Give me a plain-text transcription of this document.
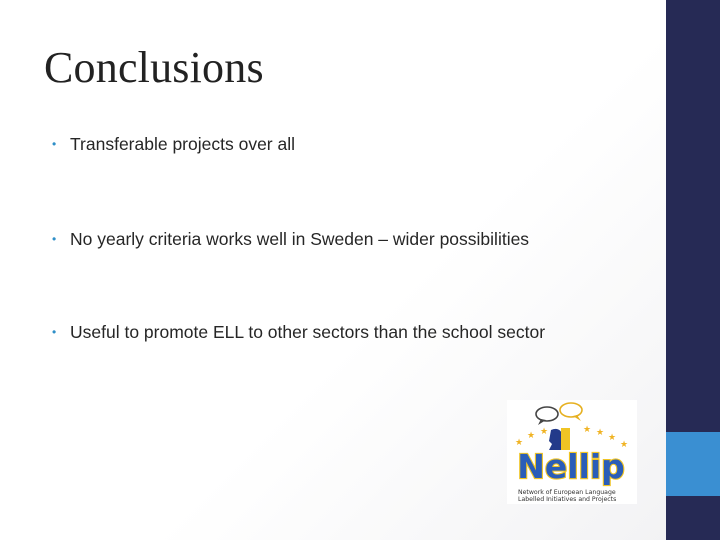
Conclusions
• Transferable projects over all
• No yearly criteria works well in Sweden – wider possibilities
• Useful to promote ELL to other sectors than the school sector
★
★ ★	★ ★ ★
★
Nellip
Network of European Language
Labelled Initiatives and Projects
